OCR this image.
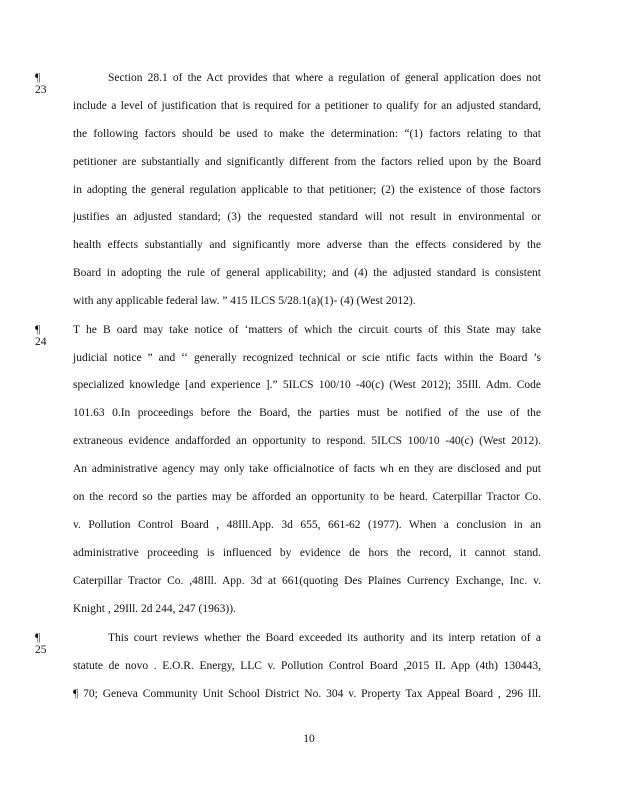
¶ 23
Section 28.1 of the Act provides that where a regulation of general application does not
include a level of justification that is required for a petitioner to qualify for an adjusted standard,
the following factors should be used to make the determination: “(1) factors relating to that
petitioner are substantially and significantly different from the factors relied upon by the Board
in adopting the general regulation applicable to that petitioner; (2) the existence of those factors
justifies an adjusted standard; (3) the requested standard will not result in environmental or
health effects substantially and significantly more adverse than the effects considered by the
Board in adopting the rule of general applicability; and (4) the adjusted standard is consistent
with any applicable federal law. ” 415 ILCS 5/28.1(a)(1)- (4) (West 2012).
¶ 24
T he B oard may take notice of ‘matters of which the circuit courts of this State may take
judicial notice ” and ‘‘ generally recognized technical or scie ntific facts within the Board ’s
specialized knowledge [and experience ].” 5ILCS 100/10 -40(c) (West 2012); 35Ill. Adm. Code
101.63 0.In proceedings before the Board, the parties must be notified of the use of the
extraneous evidence andafforded an opportunity to respond. 5ILCS 100/10 -40(c) (West 2012).
An administrative agency may only take officialnotice of facts wh en they are disclosed and put
on the record so the parties may be afforded an opportunity to be heard. Caterpillar Tractor Co.
v. Pollution Control Board , 48Ill.App. 3d 655, 661-62 (1977). When a conclusion in an
administrative proceeding is influenced by evidence de hors the record, it cannot stand.
Caterpillar Tractor Co. ,48Ill. App. 3d at 661(quoting Des Plaines Currency Exchange, Inc. v.
Knight , 29Ill. 2d 244, 247 (1963)).
¶ 25
This court reviews whether the Board exceeded its authority and its interp retation of a
statute de novo . E.O.R. Energy, LLC v. Pollution Control Board ,2015 IL App (4th) 130443,
¶ 70; Geneva Community Unit School District No. 304 v. Property Tax Appeal Board , 296 Ill.
10
